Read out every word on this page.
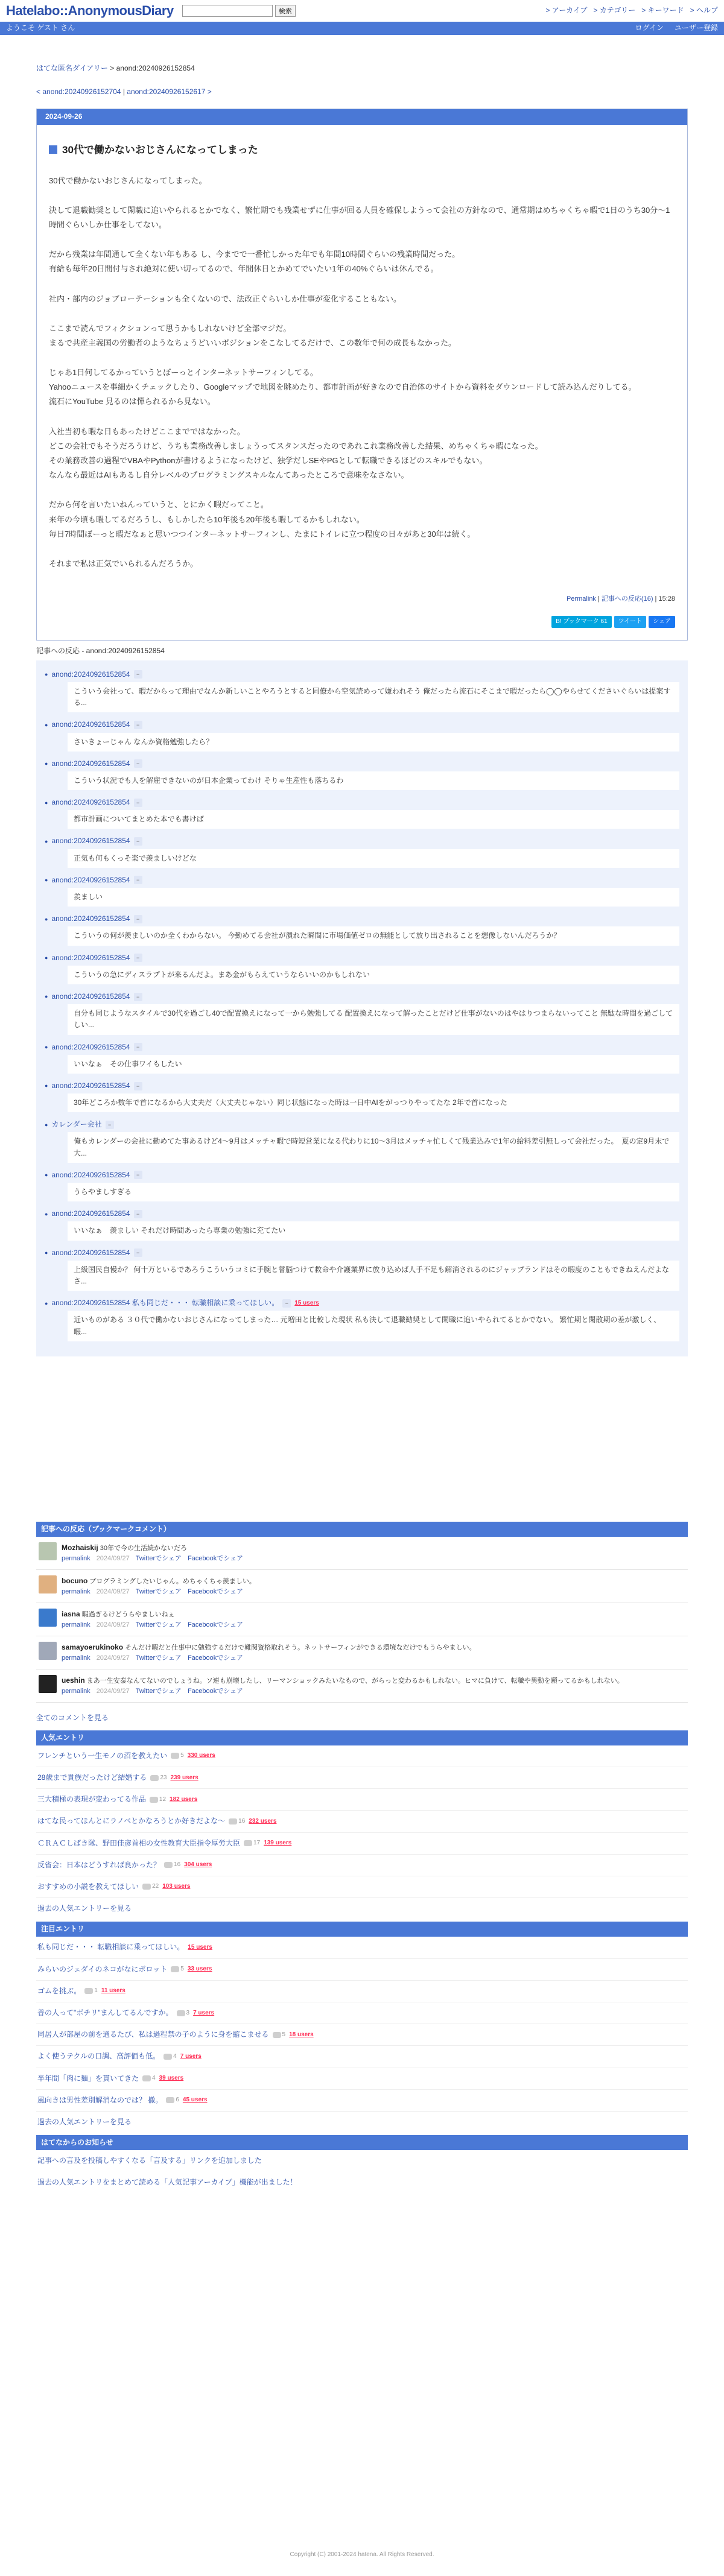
Hatelabo::AnonymousDiary	検索	> アーカイブ > カテゴリー > キーワード > ヘルプ
ようこそ ゲスト さん	ログイン ユーザー登録
はてな匿名ダイアリー > anond:20240926152854
< anond:20240926152704 | anond:20240926152617 >
2024-09-26
30代で働かないおじさんになってしまった

30代で働かないおじさんになってしまった。

決して退職勧奨として閑職に追いやられるとかでなく、繁忙期でも残業せずに仕事が回る人員を確保しようって会社の方針なので、通常期はめちゃくちゃ暇で1日のうち30分〜1時間ぐらいしか仕事をしてない。

だから残業は年間通して全くない年もある し、今までで一番忙しかった年でも年間10時間ぐらいの残業時間だった。

有給も毎年20日間付与され絶対に使い切ってるので、年間休日とかめてでいたい1年の40%ぐらいは休んでる。

社内・部内のジョブローテーションも全くないので、法改正ぐらいしか仕事が変化することもない。

ここまで読んでフィクションって思うかもしれないけど全部マジだ。

まるで共産主義国の労働者のようなちょうどいいポジションをこなしてるだけで、この数年で何の成長もなかった。

じゃあ1日何してるかっていうとぼーっとインターネットサーフィンしてる。

Yahooニュースを事細かくチェックしたり、Googleマップで地図を眺めたり、都市計画が好きなので自治体のサイトから資料をダウンロードして読み込んだりしてる。

流石にYouTube 見るのは憚られるから見ない。

入社当初も暇な日もあったけどここまでではなかった。

どこの会社でもそうだろうけど、うちも業務改善しましょうってスタンスだったのであれこれ業務改善した結果、めちゃくちゃ暇になった。

その業務改善の過程でVBAやPythonが書けるようになったけど、独学だしSEやPGとして転職できるほどのスキルでもない。

なんなら最近はAIもあるし自分レベルのプログラミングスキルなんてあったところで意味をなさない。

だから何を言いたいねんっていうと、とにかく暇だってこと。

来年の今頃も暇してるだろうし、もしかしたら10年後も20年後も暇してるかもしれない。

毎日7時間ぼーっと暇だなぁと思いつつインターネットサーフィンし、たまにトイレに立つ程度の日々があと30年は続く。

それまで私は正気でいられるんだろうか。

Permalink | 記事への反応(16) | 15:28
B! ブックマーク 61	ツイート	シェア
記事への反応 - anond:20240926152854
● anond:20240926152854	−
こういう会社って、暇だからって理由でなんか新しいことやろうとすると同僚から空気読めって嫌われそう 俺だったら流石にそこまで暇だったら◯◯やらせてくださいぐらいは提案する...
● anond:20240926152854	−
さいきょーじゃん なんか資格勉強したら？
● anond:20240926152854	−
こういう状況でも人を解雇できないのが日本企業ってわけ そりゃ生産性も落ちるわ
● anond:20240926152854	−
都市計画についてまとめた本でも書けば
● anond:20240926152854	−
正気も何もくっそ楽で羨ましいけどな
● anond:20240926152854	−
羨ましい
● anond:20240926152854	−
こういうの何が羨ましいのか全くわからない。 今勤めてる会社が潰れた瞬間に市場価値ゼロの無能として放り出されることを想像しないんだろうか？
● anond:20240926152854	−
こういうの急にディスラプトが来るんだよ。まあ金がもらえていうならいいのかもしれない
● anond:20240926152854	−
自分も同じようなスタイルで30代を過ごし40で配置換えになって一から勉強してる 配置換えになって解ったことだけど仕事がないのはやはりつまらないってこと 無駄な時間を過ごしてしい...
● anond:20240926152854	−
いいなぁ　その仕事ワイもしたい
● anond:20240926152854	−
30年どころか数年で首になるから大丈夫だ（大丈夫じゃない）同じ状態になった時は一日中AIをがっつりやってたな 2年で首になった
● カレンダー会社	−
俺もカレンダーの会社に勤めてた事あるけど4〜9月はメッチャ暇で時短営業になる代わりに10〜3月はメッチャ忙しくて残業込みで1年の給料差引無しって会社だった。　夏の定9月末で大...
● anond:20240926152854	−
うらやましすぎる
● anond:20240926152854	−
いいなぁ　羨ましい それだけ時間あったら専業の勉強に充てたい
● anond:20240926152854	−
上級国民自慢か？ 何十万といるであろうこういうコミに手腕と嘗脳つけて救命や介護業界に放り込めば人手不足も解消されるのにジャップランドはその暇度のこともできねえんだよなさ...
● anond:20240926152854 私も同じだ・・・ 転職相談に乗ってほしい。	−	15 users
近いものがある ３０代で働かないおじさんになってしまった… 元増田と比較した現状 私も決して退職勧奨として閑職に追いやられてるとかでない。 繁忙期と閑散期の差が激しく、 暇...
記事への反応（ブックマークコメント）
Mozhaiskij 30年で今の生活続かないだろ
permalink 2024/09/27 Twitterでシェア Facebookでシェア
bocuno プログラミングしたいじゃん。めちゃくちゃ羨ましい。
permalink 2024/09/27 Twitterでシェア Facebookでシェア
iasna 暇過ぎるけどうらやましいねぇ
permalink 2024/09/27 Twitterでシェア Facebookでシェア
samayoerukinoko そんだけ暇だと仕事中に勉強するだけで難関資格取れそう。ネットサーフィンができる環境なだけでもうらやましい。
permalink 2024/09/27 Twitterでシェア Facebookでシェア
ueshin まあ一生安泰なんてないのでしょうね。ソ連も崩壊したし、リーマンショックみたいなもので、がらっと変わるかもしれない。ヒマに負けて、転職や異動を願ってるかもしれない。
permalink 2024/09/27 Twitterでシェア Facebookでシェア
全てのコメントを見る
人気エントリ
フレンチという一生モノの沼を教えたい 5 330 users
28歳まで貴族だったけど結婚する 23 239 users
三大積極の表現が変わってる作品 12 182 users
はてな民ってほんとにラノベとかなろうとか好きだよな〜 16 232 users
ＣＲＡＣしばき隊、野田佳彦首相の女性教育大臣指令厚労大臣 17 139 users
反省会：日本はどうすれば良かった？ 16 304 users
おすすめの小説を教えてほしい 22 103 users
過去の人気エントリーを見る
注目エントリ
私も同じだ・・・ 転職相談に乗ってほしい。 15 users
みらいのジェダイのネコがなにボロット 5 33 users
ゴムを挑ぶ。 1 11 users
普の人って"ボチリ"まんしてるんですか。 3 7 users
同居人が部屋の前を通るたび、私は過程禁の子のように身を縮こませる 5 18 users
よく使うテクルの口調、高評価も低。 4 7 users
半年間「肉に麺」を貫いてきた 4 39 users
風向きは男性差別解消なのでは？ 撤。 6 45 users
過去の人気エントリーを見る
はてなからのお知らせ
記事への言及を投稿しやすくなる「言及する」リンクを追加しました
過去の人気エントリをまとめて読める「人気記事アーカイブ」機能が出ました！
Copyright (C) 2001-2024 hatena. All Rights Reserved.
